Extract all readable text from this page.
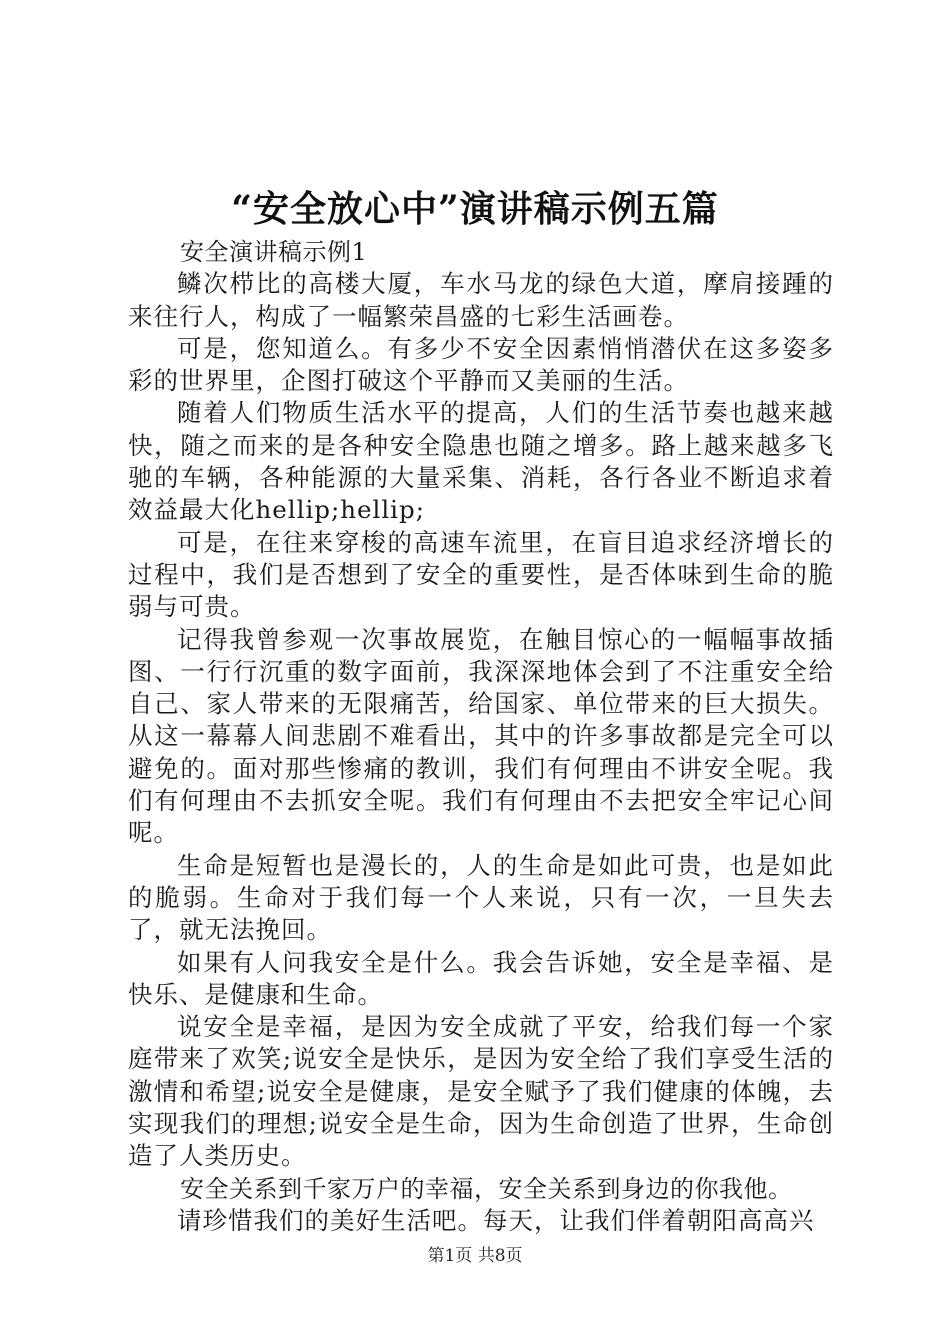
“安全放心中”演讲稿示例五篇

安全演讲稿示例1

鳞次栉比的高楼大厦，车水马龙的绿色大道，摩肩接踵的来往行人，构成了一幅繁荣昌盛的七彩生活画卷。

可是，您知道么。有多少不安全因素悄悄潜伏在这多姿多彩的世界里，企图打破这个平静而又美丽的生活。

随着人们物质生活水平的提高，人们的生活节奏也越来越快，随之而来的是各种安全隐患也随之增多。路上越来越多飞驰的车辆，各种能源的大量采集、消耗，各行各业不断追求着效益最大化hellip;hellip;

可是，在往来穿梭的高速车流里，在盲目追求经济增长的过程中，我们是否想到了安全的重要性，是否体味到生命的脆弱与可贵。

记得我曾参观一次事故展览，在触目惊心的一幅幅事故插图、一行行沉重的数字面前，我深深地体会到了不注重安全给自己、家人带来的无限痛苦，给国家、单位带来的巨大损失。从这一幕幕人间悲剧不难看出，其中的许多事故都是完全可以避免的。面对那些惨痛的教训，我们有何理由不讲安全呢。我们有何理由不去抓安全呢。我们有何理由不去把安全牢记心间呢。

生命是短暂也是漫长的，人的生命是如此可贵，也是如此的脆弱。生命对于我们每一个人来说，只有一次，一旦失去了，就无法挽回。

如果有人问我安全是什么。我会告诉她，安全是幸福、是快乐、是健康和生命。

说安全是幸福，是因为安全成就了平安，给我们每一个家庭带来了欢笑;说安全是快乐，是因为安全给了我们享受生活的激情和希望;说安全是健康，是安全赋予了我们健康的体魄，去实现我们的理想;说安全是生命，因为生命创造了世界，生命创造了人类历史。

安全关系到千家万户的幸福，安全关系到身边的你我他。

请珍惜我们的美好生活吧。每天，让我们伴着朝阳高高兴

第1页 共8页
